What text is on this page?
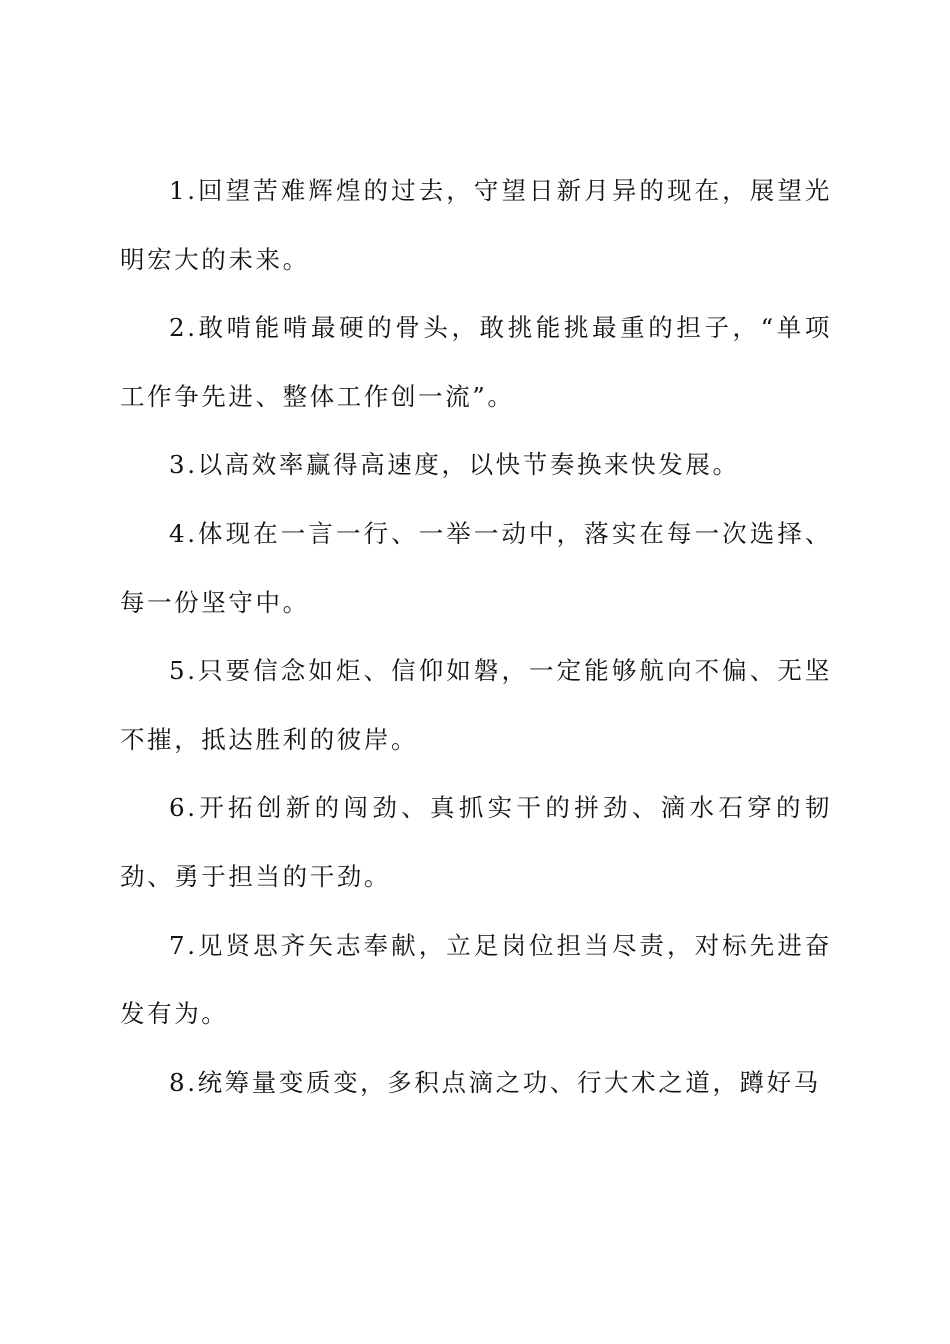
1.回望苦难辉煌的过去，守望日新月异的现在，展望光明宏大的未来。

2.敢啃能啃最硬的骨头，敢挑能挑最重的担子，“单项工作争先进、整体工作创一流”。

3.以高效率赢得高速度，以快节奏换来快发展。

4.体现在一言一行、一举一动中，落实在每一次选择、每一份坚守中。

5.只要信念如炬、信仰如磐，一定能够航向不偏、无坚不摧，抵达胜利的彼岸。

6.开拓创新的闯劲、真抓实干的拼劲、滴水石穿的韧劲、勇于担当的干劲。

7.见贤思齐矢志奉献，立足岗位担当尽责，对标先进奋发有为。

8.统筹量变质变，多积点滴之功、行大术之道，蹲好马
